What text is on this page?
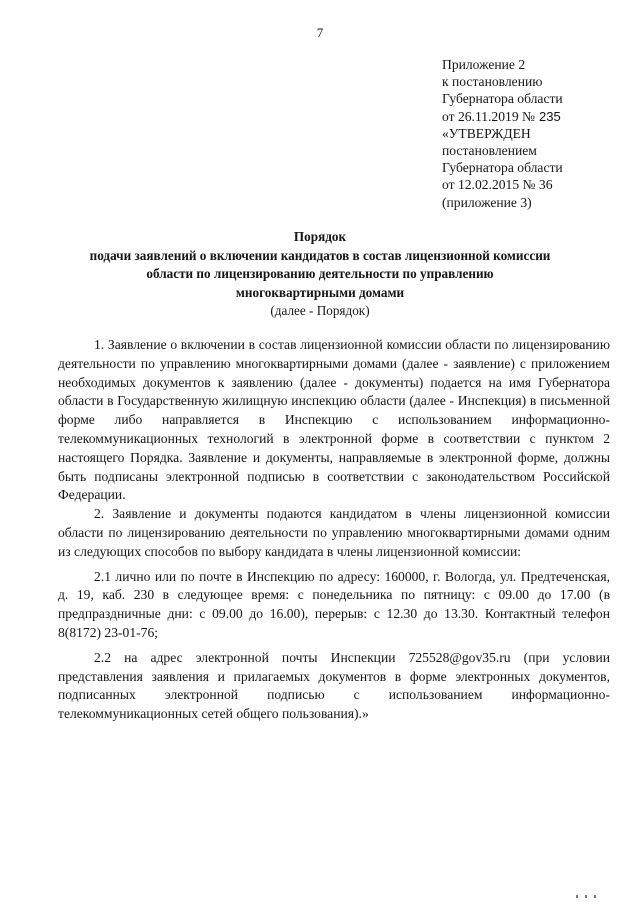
7
Приложение 2
к постановлению
Губернатора области
от 26.11.2019 № 235
«УТВЕРЖДЕН
постановлением
Губернатора области
от 12.02.2015 № 36
(приложение 3)
Порядок
подачи заявлений о включении кандидатов в состав лицензионной комиссии
области по лицензированию деятельности по управлению
многоквартирными домами
(далее - Порядок)

1. Заявление о включении в состав лицензионной комиссии области по лицензированию деятельности по управлению многоквартирными домами (далее - заявление) с приложением необходимых документов к заявлению (далее - документы) подается на имя Губернатора области в Государственную жилищную инспекцию области (далее - Инспекция) в письменной форме либо направляется в Инспекцию с использованием информационно-телекоммуникационных технологий в электронной форме в соответствии с пунктом 2 настоящего Порядка. Заявление и документы, направляемые в электронной форме, должны быть подписаны электронной подписью в соответствии с законодательством Российской Федерации.

2. Заявление и документы подаются кандидатом в члены лицензионной комиссии области по лицензированию деятельности по управлению многоквартирными домами одним из следующих способов по выбору кандидата в члены лицензионной комиссии:

2.1 лично или по почте в Инспекцию по адресу: 160000, г. Вологда, ул. Предтеченская, д. 19, каб. 230 в следующее время: с понедельника по пятницу: с 09.00 до 17.00 (в предпраздничные дни: с 09.00 до 16.00), перерыв: с 12.30 до 13.30. Контактный телефон 8(8172) 23-01-76;

2.2 на адрес электронной почты Инспекции 725528@gov35.ru (при условии представления заявления и прилагаемых документов в форме электронных документов, подписанных электронной подписью с использованием информационно-телекоммуникационных сетей общего пользования).»
